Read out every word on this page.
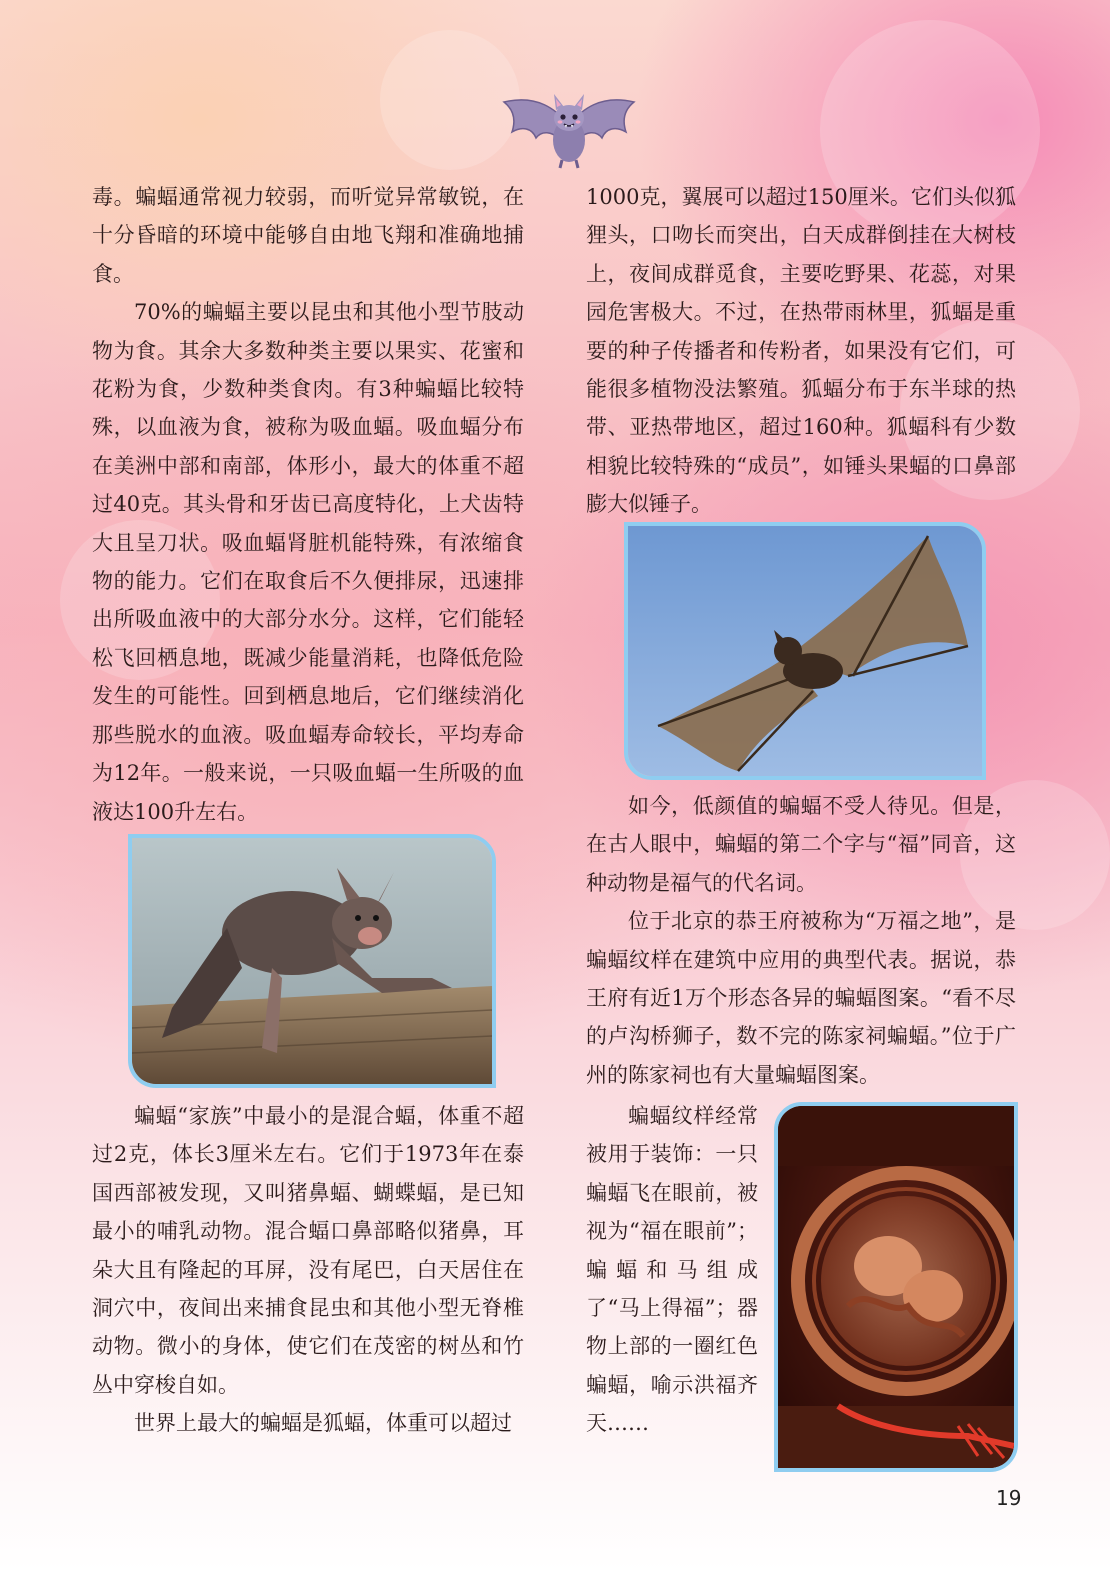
毒。蝙蝠通常视力较弱，而听觉异常敏锐，在十分昏暗的环境中能够自由地飞翔和准确地捕食。

70%的蝙蝠主要以昆虫和其他小型节肢动物为食。其余大多数种类主要以果实、花蜜和花粉为食，少数种类食肉。有3种蝙蝠比较特殊，以血液为食，被称为吸血蝠。吸血蝠分布在美洲中部和南部，体形小，最大的体重不超过40克。其头骨和牙齿已高度特化，上犬齿特大且呈刀状。吸血蝠肾脏机能特殊，有浓缩食物的能力。它们在取食后不久便排尿，迅速排出所吸血液中的大部分水分。这样，它们能轻松飞回栖息地，既减少能量消耗，也降低危险发生的可能性。回到栖息地后，它们继续消化那些脱水的血液。吸血蝠寿命较长，平均寿命为12年。一般来说，一只吸血蝠一生所吸的血液达100升左右。

蝙蝠“家族”中最小的是混合蝠，体重不超过2克，体长3厘米左右。它们于1973年在泰国西部被发现，又叫猪鼻蝠、蝴蝶蝠，是已知最小的哺乳动物。混合蝠口鼻部略似猪鼻，耳朵大且有隆起的耳屏，没有尾巴，白天居住在洞穴中，夜间出来捕食昆虫和其他小型无脊椎动物。微小的身体，使它们在茂密的树丛和竹丛中穿梭自如。

世界上最大的蝙蝠是狐蝠，体重可以超过

1000克，翼展可以超过150厘米。它们头似狐狸头，口吻长而突出，白天成群倒挂在大树枝上，夜间成群觅食，主要吃野果、花蕊，对果园危害极大。不过，在热带雨林里，狐蝠是重要的种子传播者和传粉者，如果没有它们，可能很多植物没法繁殖。狐蝠分布于东半球的热带、亚热带地区，超过160种。狐蝠科有少数相貌比较特殊的“成员”，如锤头果蝠的口鼻部膨大似锤子。

如今，低颜值的蝙蝠不受人待见。但是，在古人眼中，蝙蝠的第二个字与“福”同音，这种动物是福气的代名词。

位于北京的恭王府被称为“万福之地”，是蝙蝠纹样在建筑中应用的典型代表。据说，恭王府有近1万个形态各异的蝙蝠图案。“看不尽的卢沟桥狮子，数不完的陈家祠蝙蝠。”位于广州的陈家祠也有大量蝙蝠图案。

蝙蝠纹样经常被用于装饰：一只蝙蝠飞在眼前，被视为“福在眼前”；蝙蝠和马组成了“马上得福”；器物上部的一圈红色蝙蝠，喻示洪福齐天……

19
